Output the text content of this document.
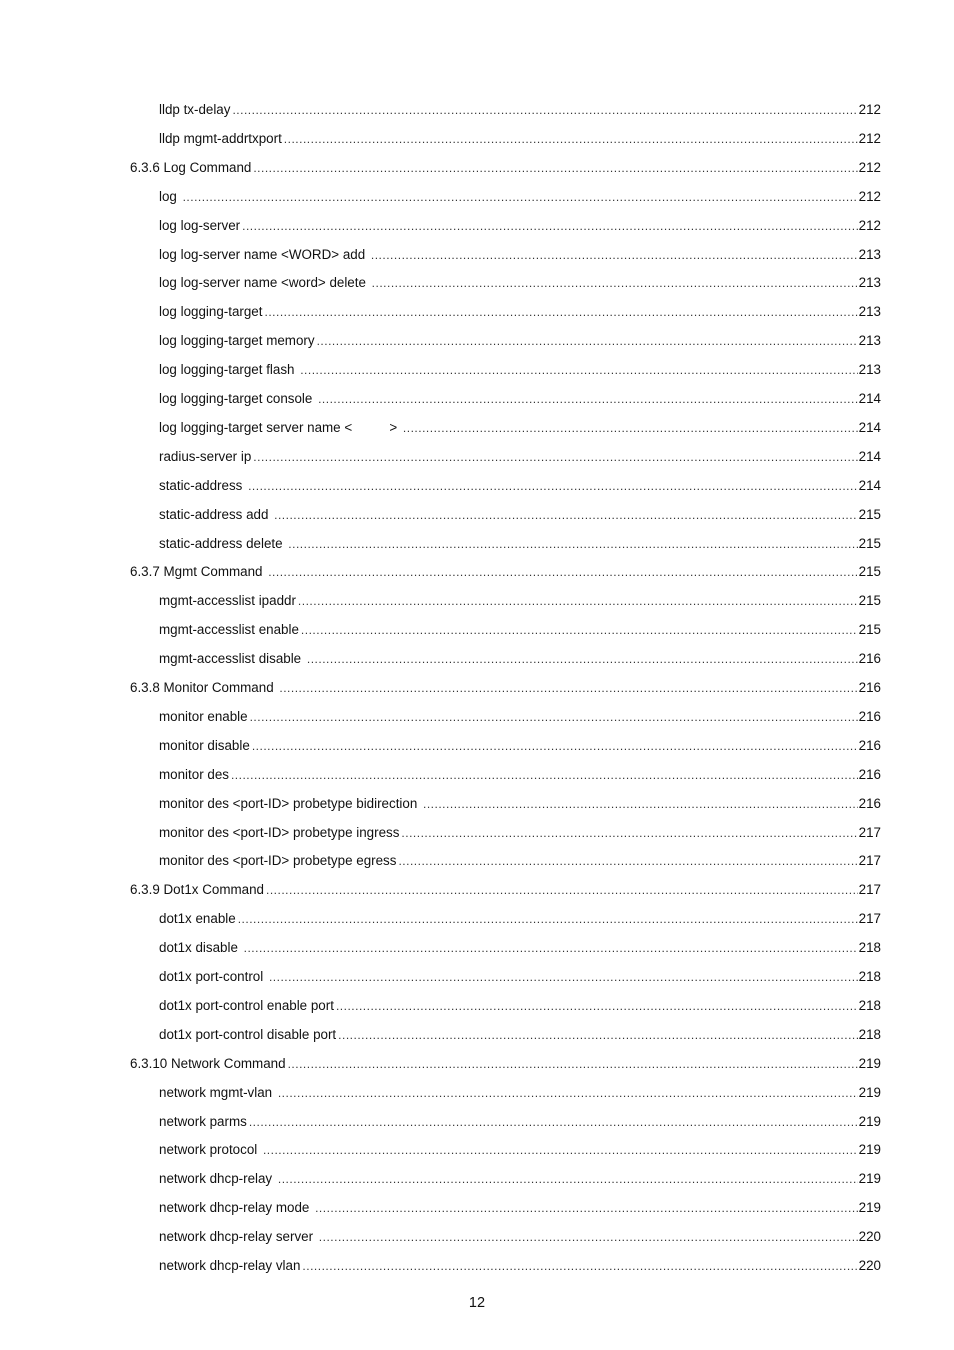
lldp tx-delay .....	212
lldp mgmt-addrtxport .....	212
6.3.6 Log Command .....	212
log .....	212
log log-server .....	212
log log-server name <WORD> add .....	213
log log-server name <word> delete .....	213
log logging-target .....	213
log logging-target memory .....	213
log logging-target flash .....	213
log logging-target console .....	214
log logging-target server name <          > .....	214
radius-server ip .....	214
static-address .....	214
static-address add .....	215
static-address delete .....	215
6.3.7 Mgmt Command .....	215
mgmt-accesslist ipaddr .....	215
mgmt-accesslist enable .....	215
mgmt-accesslist disable .....	216
6.3.8 Monitor Command .....	216
monitor enable .....	216
monitor disable .....	216
monitor des .....	216
monitor des <port-ID> probetype bidirection .....	216
monitor des <port-ID> probetype ingress .....	217
monitor des <port-ID> probetype egress .....	217
6.3.9 Dot1x Command .....	217
dot1x enable .....	217
dot1x disable .....	218
dot1x port-control .....	218
dot1x port-control enable port .....	218
dot1x port-control disable port .....	218
6.3.10 Network Command .....	219
network mgmt-vlan .....	219
network parms .....	219
network protocol .....	219
network dhcp-relay .....	219
network dhcp-relay mode .....	219
network dhcp-relay server .....	220
network dhcp-relay vlan .....	220
12
